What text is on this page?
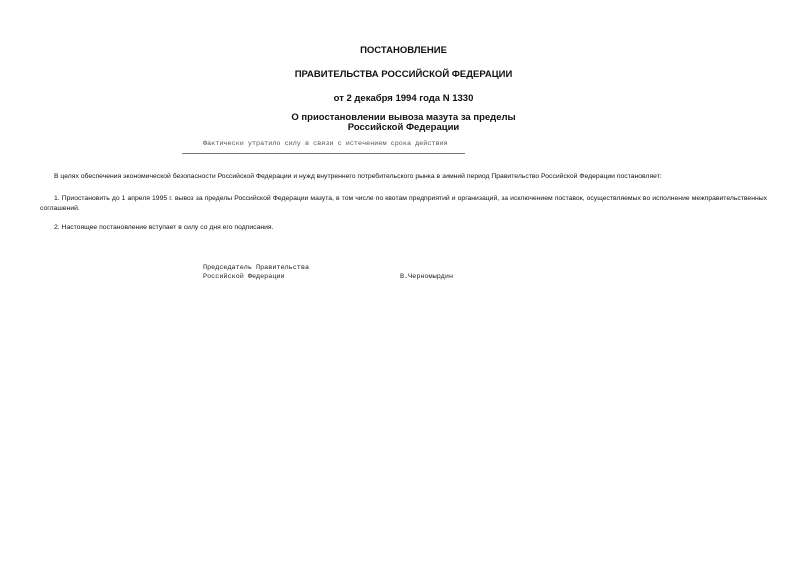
ПОСТАНОВЛЕНИЕ
ПРАВИТЕЛЬСТВА РОССИЙСКОЙ ФЕДЕРАЦИИ
от 2 декабря 1994 года N 1330
О приостановлении вывоза мазута за пределы
Российской Федерации
Фактически утратило силу в связи с истечением срока действия
В целях обеспечения экономической безопасности Российской Федерации и нужд внутреннего потребительского рынка в зимний период Правительство Российской Федерации постановляет:
1. Приостановить до 1 апреля 1995 г. вывоз за пределы Российской Федерации мазута, в том числе по квотам предприятий и организаций, за исключением поставок, осуществляемых во исполнение межправительственных соглашений.
2. Настоящее постановление вступает в силу со дня его подписания.
Председатель Правительства
Российской Федерации	В.Черномырдин
